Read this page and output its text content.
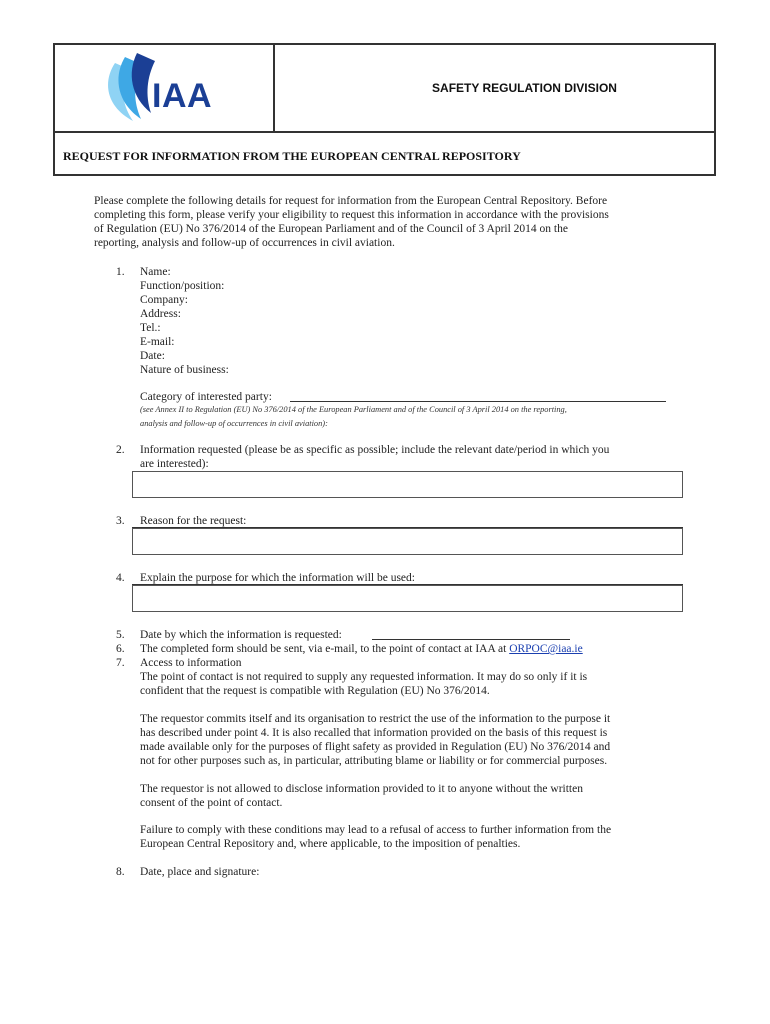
IAA	SAFETY REGULATION DIVISION
REQUEST FOR INFORMATION FROM THE EUROPEAN CENTRAL REPOSITORY
Please complete the following details for request for information from the European Central Repository. Before
completing this form, please verify your eligibility to request this information in accordance with the provisions
of Regulation (EU) No 376/2014 of the European Parliament and of the Council of 3 April 2014 on the
reporting, analysis and follow-up of occurrences in civil aviation.
1. Name:
Function/position:
Company:
Address:
Tel.:
E-mail:
Date:
Nature of business:
Category of interested party:
(see Annex II to Regulation (EU) No 376/2014 of the European Parliament and of the Council of 3 April 2014 on the reporting,
analysis and follow-up of occurrences in civil aviation):
2. Information requested (please be as specific as possible; include the relevant date/period in which you
are interested):
3. Reason for the request:
4. Explain the purpose for which the information will be used:
5. Date by which the information is requested:
6. The completed form should be sent, via e-mail, to the point of contact at IAA at ORPOC@iaa.ie
7. Access to information
The point of contact is not required to supply any requested information. It may do so only if it is
confident that the request is compatible with Regulation (EU) No 376/2014.
The requestor commits itself and its organisation to restrict the use of the information to the purpose it
has described under point 4. It is also recalled that information provided on the basis of this request is
made available only for the purposes of flight safety as provided in Regulation (EU) No 376/2014 and
not for other purposes such as, in particular, attributing blame or liability or for commercial purposes.
The requestor is not allowed to disclose information provided to it to anyone without the written
consent of the point of contact.
Failure to comply with these conditions may lead to a refusal of access to further information from the
European Central Repository and, where applicable, to the imposition of penalties.
8. Date, place and signature:
